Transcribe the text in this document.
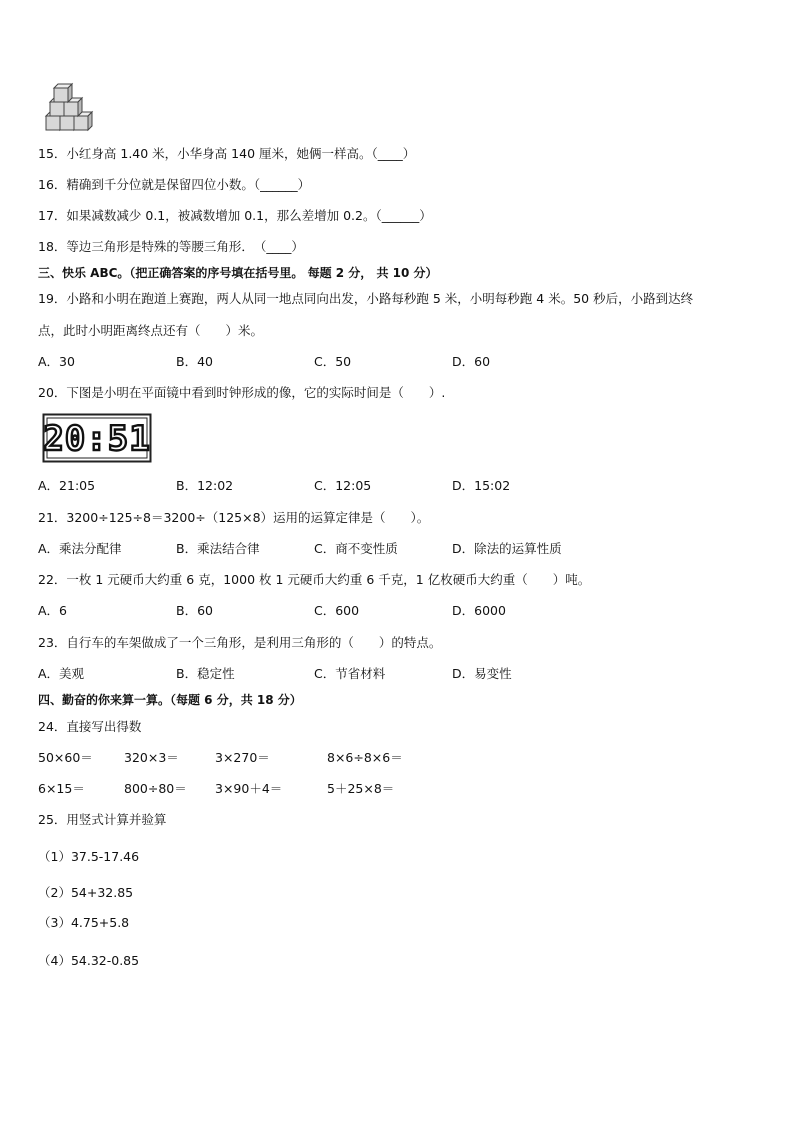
15．小红身高 1.40 米，小华身高 140 厘米，她俩一样高。（____）
16．精确到千分位就是保留四位小数。（______）
17．如果减数减少 0.1，被减数增加 0.1，那么差增加 0.2。（______）
18．等边三角形是特殊的等腰三角形．　（____）
三、快乐 ABC。（把正确答案的序号填在括号里。 每题 2 分， 共 10 分）
19．小路和小明在跑道上赛跑，两人从同一地点同向出发，小路每秒跑 5 米，小明每秒跑 4 米。50 秒后，小路到达终
点，此时小明距离终点还有（　　）米。
A．30	B．40	C．50	D．60
20．下图是小明在平面镜中看到时钟形成的像，它的实际时间是（　　）.
20:51
A．21:05	B．12:02	C．12:05	D．15:02
21．3200÷125÷8＝3200÷（125×8）运用的运算定律是（　　）。
A．乘法分配律	B．乘法结合律	C．商不变性质	D．除法的运算性质
22．一枚 1 元硬币大约重 6 克，1000 枚 1 元硬币大约重 6 千克，1 亿枚硬币大约重（　　）吨。
A．6	B．60	C．600	D．6000
23．自行车的车架做成了一个三角形，是利用三角形的（　　）的特点。
A．美观	B．稳定性	C．节省材料	D．易变性
四、勤奋的你来算一算。（每题 6 分，共 18 分）
24．直接写出得数
50×60＝ 320×3＝	3×270＝	8×6÷8×6＝
6×15＝	800÷80＝ 3×90＋4＝	5＋25×8＝
25．用竖式计算并验算
（1）37.5-17.46
（2）54+32.85
（3）4.75+5.8
（4）54.32-0.85
